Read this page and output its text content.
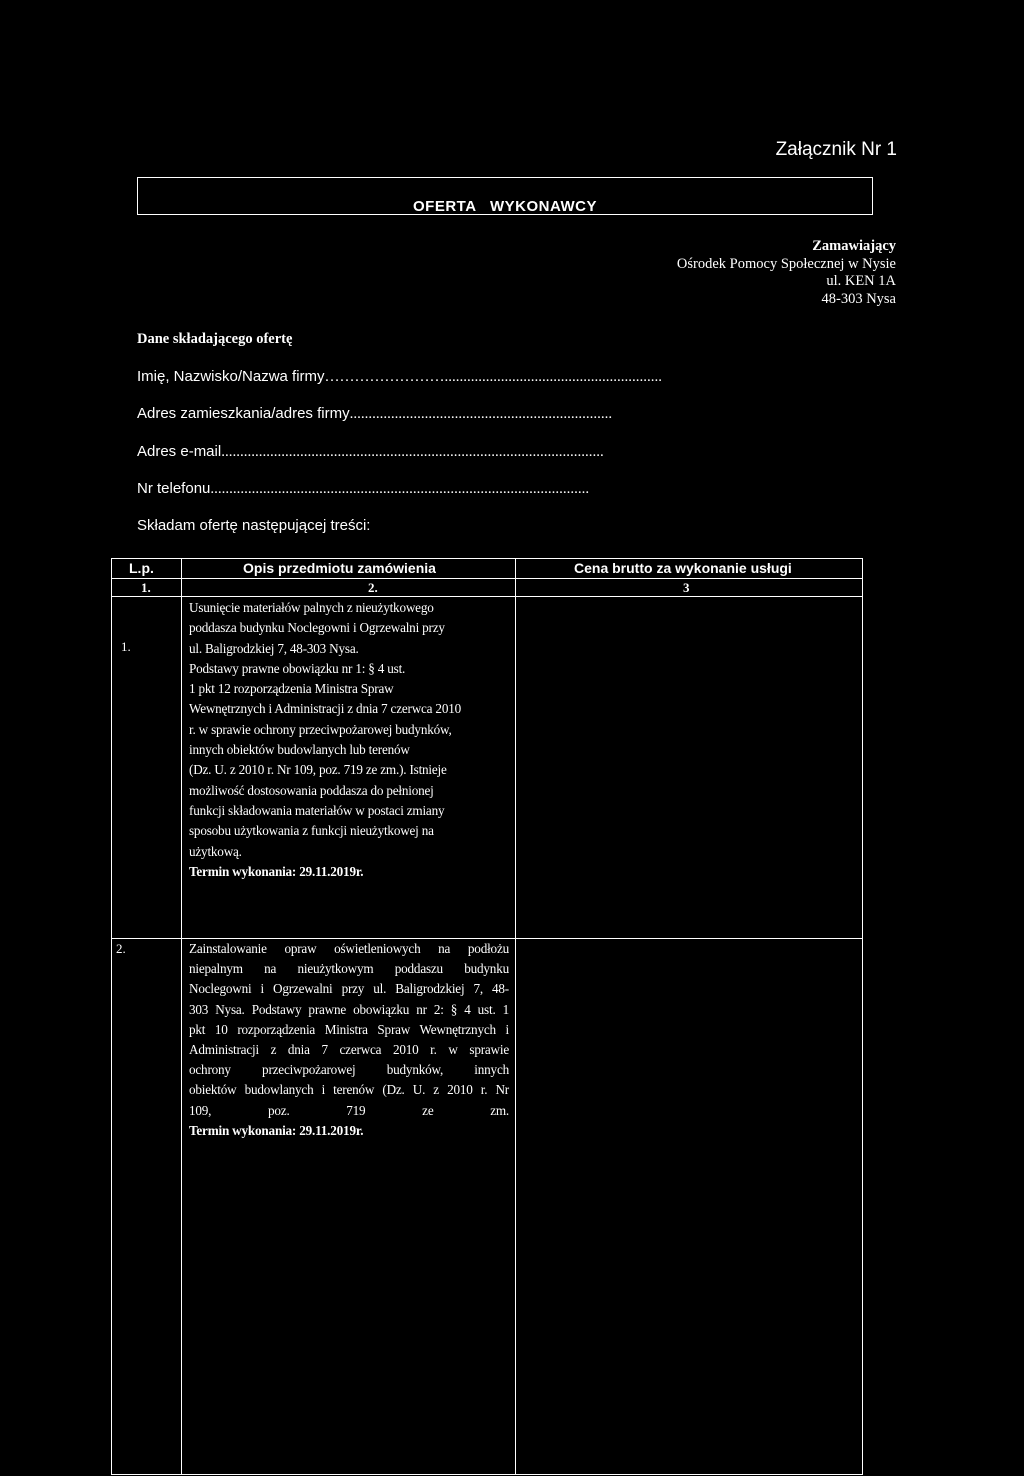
Załącznik Nr 1
OFERTA   WYKONAWCY
Zamawiający
Ośrodek Pomocy Społecznej w Nysie
ul. KEN 1A
48-303 Nysa
Dane składającego ofertę
Imię, Nazwisko/Nazwa firmy……………………..........................................................
Adres zamieszkania/adres firmy......................................................................
Adres e-mail......................................................................................................
Nr telefonu.....................................................................................................
Składam ofertę następującej treści:
L.p.	Opis przedmiotu zamówienia	Cena brutto za wykonanie usługi
1.	2.	3
1.
Usunięcie materiałów palnych z nieużytkowego
poddasza budynku Noclegowni i Ogrzewalni przy
ul. Baligrodzkiej 7, 48-303 Nysa.
Podstawy prawne obowiązku nr 1: § 4 ust.
1 pkt 12 rozporządzenia Ministra Spraw
Wewnętrznych i Administracji z dnia 7 czerwca 2010
r. w sprawie ochrony przeciwpożarowej budynków,
innych obiektów budowlanych lub terenów
(Dz. U. z 2010 r. Nr 109, poz. 719 ze zm.). Istnieje
możliwość dostosowania poddasza do pełnionej
funkcji składowania materiałów w postaci zmiany
sposobu użytkowania z funkcji nieużytkowej na
użytkową.
Termin wykonania: 29.11.2019r.
2.	Zainstalowanie opraw oświetleniowych na podłożu
niepalnym na nieużytkowym poddaszu budynku
Noclegowni i Ogrzewalni przy ul. Baligrodzkiej 7, 48-
303 Nysa. Podstawy prawne obowiązku nr 2: § 4 ust. 1
pkt 10 rozporządzenia Ministra Spraw Wewnętrznych i
Administracji z dnia 7 czerwca 2010 r. w sprawie
ochrony przeciwpożarowej budynków, innych
obiektów budowlanych i terenów (Dz. U. z 2010 r. Nr
109, poz. 719 ze zm.
Termin wykonania: 29.11.2019r.
